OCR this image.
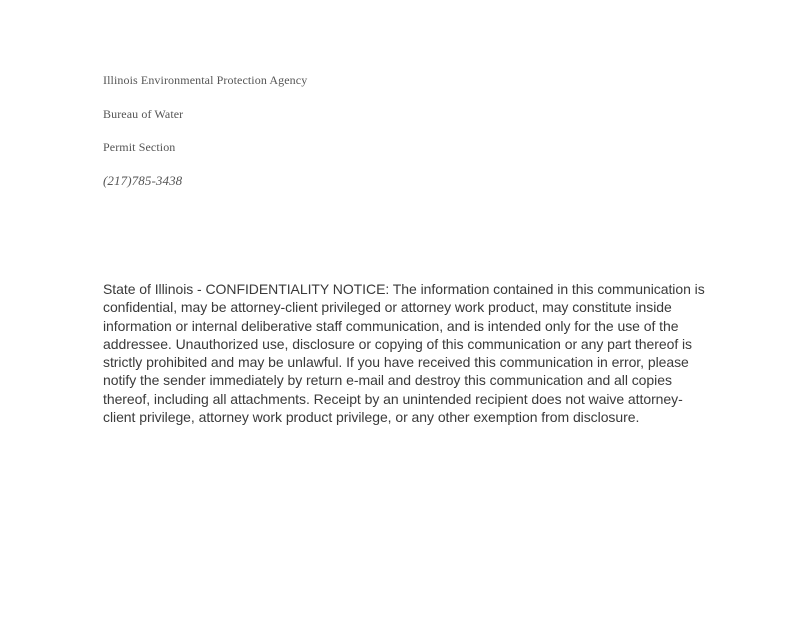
Illinois Environmental Protection Agency
Bureau of Water
Permit Section
(217)785-3438

State of Illinois - CONFIDENTIALITY NOTICE: The information contained in this communication is confidential, may be attorney-client privileged or attorney work product, may constitute inside information or internal deliberative staff communication, and is intended only for the use of the addressee. Unauthorized use, disclosure or copying of this communication or any part thereof is strictly prohibited and may be unlawful. If you have received this communication in error, please notify the sender immediately by return e-mail and destroy this communication and all copies thereof, including all attachments. Receipt by an unintended recipient does not waive attorney-client privilege, attorney work product privilege, or any other exemption from disclosure.
